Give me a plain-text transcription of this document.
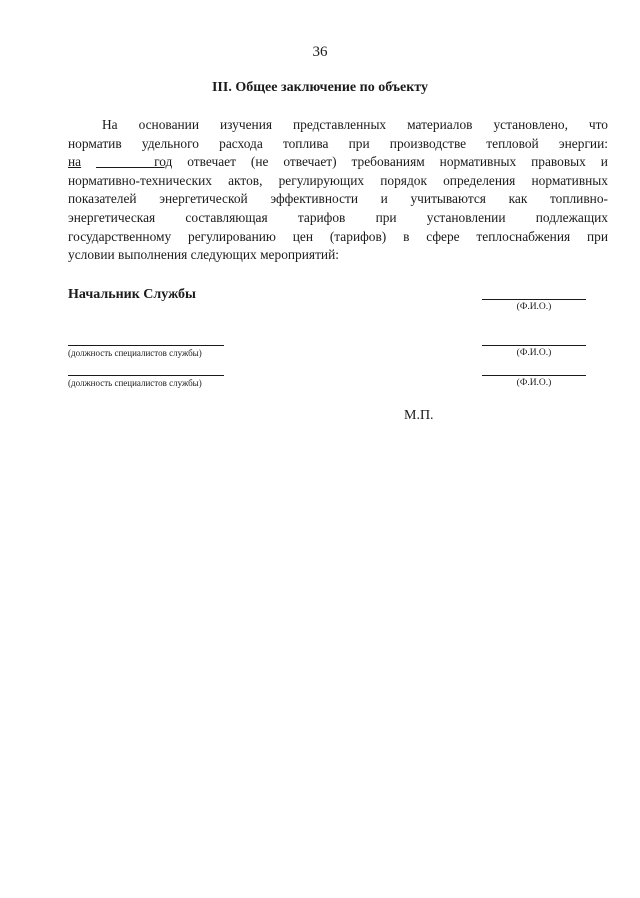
36
III. Общее заключение по объекту
На основании изучения представленных материалов установлено, что
норматив удельного расхода топлива при производстве тепловой энергии:
на	год отвечает (не отвечает) требованиям нормативных правовых и
нормативно-технических актов, регулирующих порядок определения нормативных
показателей энергетической эффективности и учитываются как топливно-
энергетическая составляющая тарифов при установлении подлежащих
государственному регулированию цен (тарифов) в сфере теплоснабжения при
условии выполнения следующих мероприятий:
Начальник Службы
(Ф.И.О.)
(должность специалистов службы)	(Ф.И.О.)
(должность специалистов службы)	(Ф.И.О.)
М.П.
